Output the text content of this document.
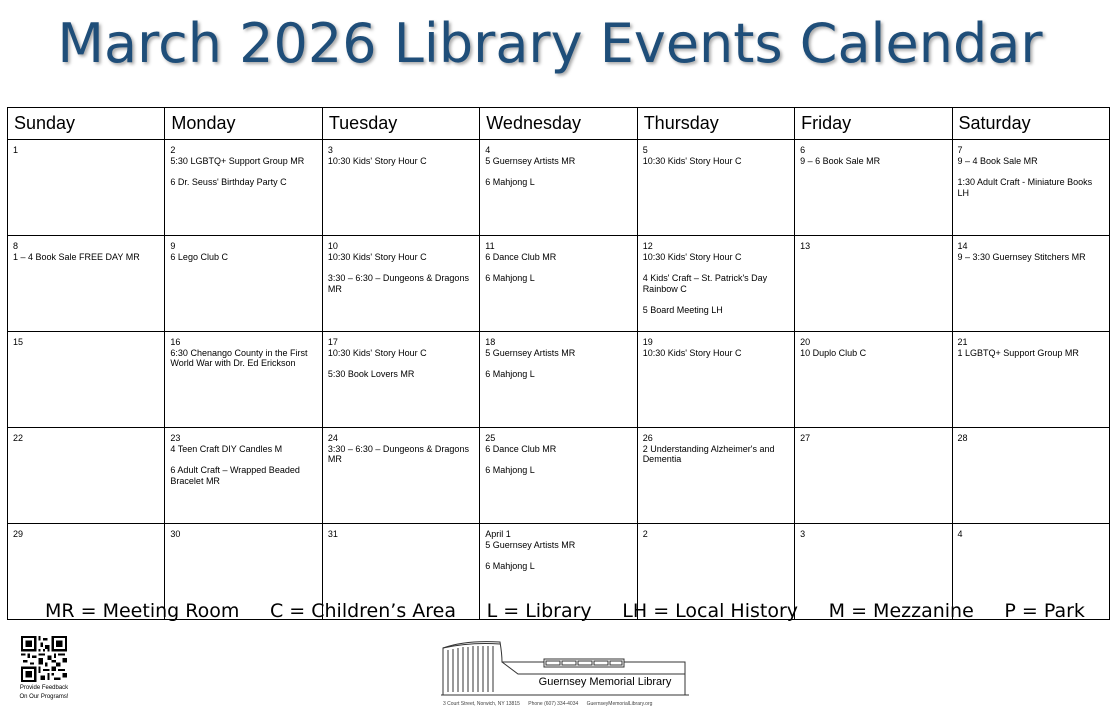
March 2026 Library Events Calendar
Sunday	Monday	Tuesday	Wednesday	Thursday	Friday	Saturday

1	2
5:30 LGBTQ+ Support Group MR
6 Dr. Seuss' Birthday Party C	3
10:30 Kids' Story Hour C	4
5 Guernsey Artists MR
6 Mahjong L	5
10:30 Kids' Story Hour C	6
9 – 6 Book Sale MR	7
9 – 4 Book Sale MR
1:30 Adult Craft - Miniature Books LH

8
1 – 4 Book Sale FREE DAY MR	9
6 Lego Club C	10
10:30 Kids' Story Hour C
3:30 – 6:30 – Dungeons & Dragons MR	11
6 Dance Club MR
6 Mahjong L	12
10:30 Kids' Story Hour C
4 Kids' Craft – St. Patrick's Day Rainbow C
5 Board Meeting LH	13	14
9 – 3:30 Guernsey Stitchers MR

15	16
6:30 Chenango County in the First World War with Dr. Ed Erickson	17
10:30 Kids' Story Hour C
5:30 Book Lovers MR	18
5 Guernsey Artists MR
6 Mahjong L	19
10:30 Kids' Story Hour C	20
10 Duplo Club C	21
1 LGBTQ+ Support Group MR

22	23
4 Teen Craft DIY Candles M
6 Adult Craft – Wrapped Beaded Bracelet MR	24
3:30 – 6:30 – Dungeons & Dragons MR	25
6 Dance Club MR
6 Mahjong L	26
2 Understanding Alzheimer's and Dementia	27	28

29	30	31	April 1
5 Guernsey Artists MR
6 Mahjong L	2	3	4
MR = Meeting Room C = Children’s Area L = Library LH = Local History M = Mezzanine P = Park
Provide Feedback
On Our Programs!
Guernsey Memorial Library
3 Court Street, Norwich, NY 13815 Phone (607) 334-4034 GuernseyMemorialLibrary.org
